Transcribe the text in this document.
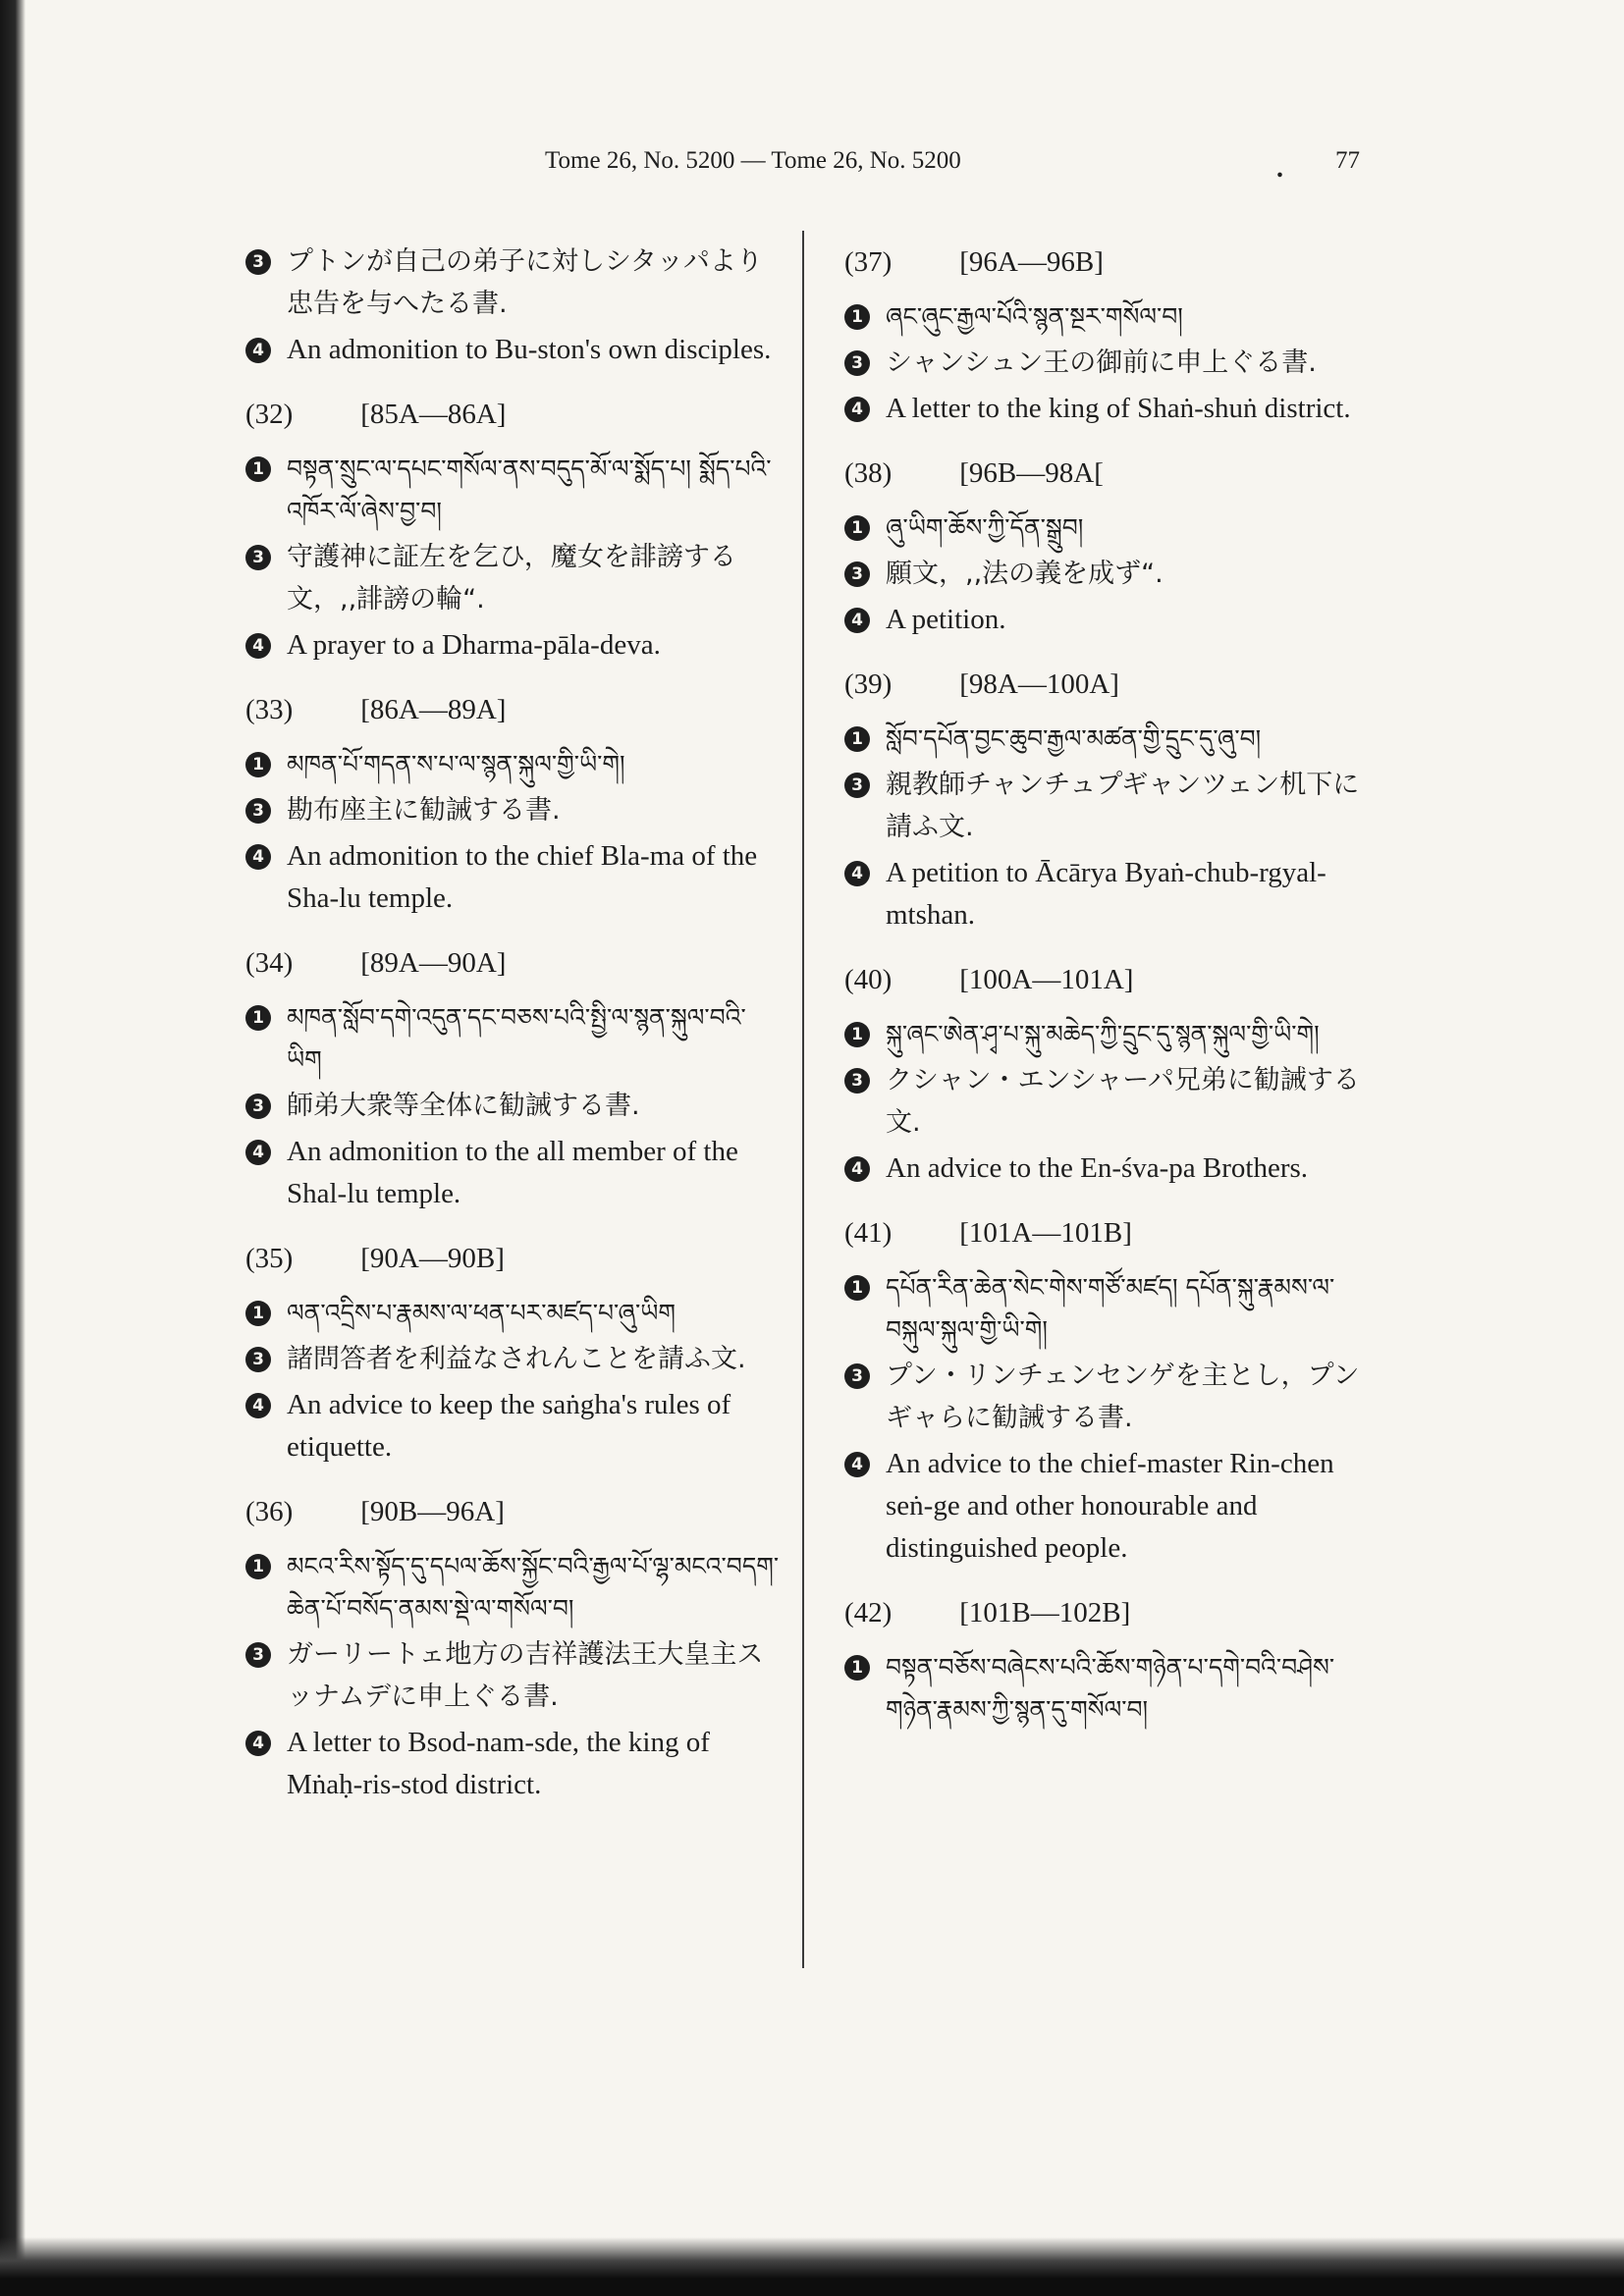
Tome 26, No. 5200 — Tome 26, No. 5200	. 77
3 プトンが自己の弟子に対しシタッパより忠告を与へたる書.
4 An admonition to Bu-ston's own disciples.
(32) [85A—86A]
1 བསྟན་སྲུང་ལ་དཔང་གསོལ་ནས་བདུད་མོ་ལ་སྨོད་པ། སྨོད་པའི་འཁོར་ལོ་ཞེས་བྱ་བ།
3 守護神に証左を乞ひ，魔女を誹謗する文，,,誹謗の輪“.
4 A prayer to a Dharma-pāla-deva.
(33) [86A—89A]
1 མཁན་པོ་གདན་ས་པ་ལ་སྙན་སྐུལ་གྱི་ཡི་གེ།
3 勘布座主に勧誡する書.
4 An admonition to the chief Bla-ma of the Sha-lu temple.
(34) [89A—90A]
1 མཁན་སློབ་དགེ་འདུན་དང་བཅས་པའི་སྤྱི་ལ་སྙན་སྐུལ་བའི་ཡིག
3 師弟大衆等全体に勧誡する書.
4 An admonition to the all member of the Shal-lu temple.
(35) [90A—90B]
1 ལན་འདྲིས་པ་རྣམས་ལ་ཕན་པར་མཛད་པ་ཞུ་ཡིག
3 諸問答者を利益なされんことを請ふ文.
4 An advice to keep the saṅgha's rules of etiquette.
(36) [90B—96A]
1 མངའ་རིས་སྟོད་དུ་དཔལ་ཆོས་སྐྱོང་བའི་རྒྱལ་པོ་ལྷ་མངའ་བདག་ཆེན་པོ་བསོད་ནམས་སྡེ་ལ་གསོལ་བ།
3 ガーリートェ地方の吉祥護法王大皇主スッナムデに申上ぐる書.
4 A letter to Bsod-nam-sde, the king of Mṅaḥ-ris-stod district.
(37) [96A—96B]
1 ཞང་ཞུང་རྒྱལ་པོའི་སྙན་སྔར་གསོལ་བ།
3 シャンシュン王の御前に申上ぐる書.
4 A letter to the king of Shaṅ-shuṅ district.
(38) [96B—98A[
1 ཞུ་ཡིག་ཆོས་ཀྱི་དོན་སྒྲུབ།
3 願文，,,法の義を成ず“.
4 A petition.
(39) [98A—100A]
1 སློབ་དཔོན་བྱང་ཆུབ་རྒྱལ་མཚན་གྱི་དྲུང་དུ་ཞུ་བ།
3 親教師チャンチュプギャンツェン机下に請ふ文.
4 A petition to Ācārya Byaṅ-chub-rgyal-mtshan.
(40) [100A—101A]
1 སྐུ་ཞང་ཨེན་ཤྭ་པ་སྐུ་མཆེད་ཀྱི་དྲུང་དུ་སྙན་སྐུལ་གྱི་ཡི་གེ།
3 クシャン・エンシャーパ兄弟に勧誡する文.
4 An advice to the En-śva-pa Brothers.
(41) [101A—101B]
1 དཔོན་རིན་ཆེན་སེང་གེས་གཙོ་མཛད། དཔོན་སྐུ་རྣམས་ལ་བསྐུལ་སྐུལ་གྱི་ཡི་གེ།
3 プン・リンチェンセンゲを主とし，プンギャらに勧誡する書.
4 An advice to the chief-master Rin-chen seṅ-ge and other honourable and distinguished people.
(42) [101B—102B]
1 བསྟན་བཅོས་བཞེངས་པའི་ཆོས་གཉེན་པ་དགེ་བའི་བཤེས་གཉེན་རྣམས་ཀྱི་སྙན་དུ་གསོལ་བ།
